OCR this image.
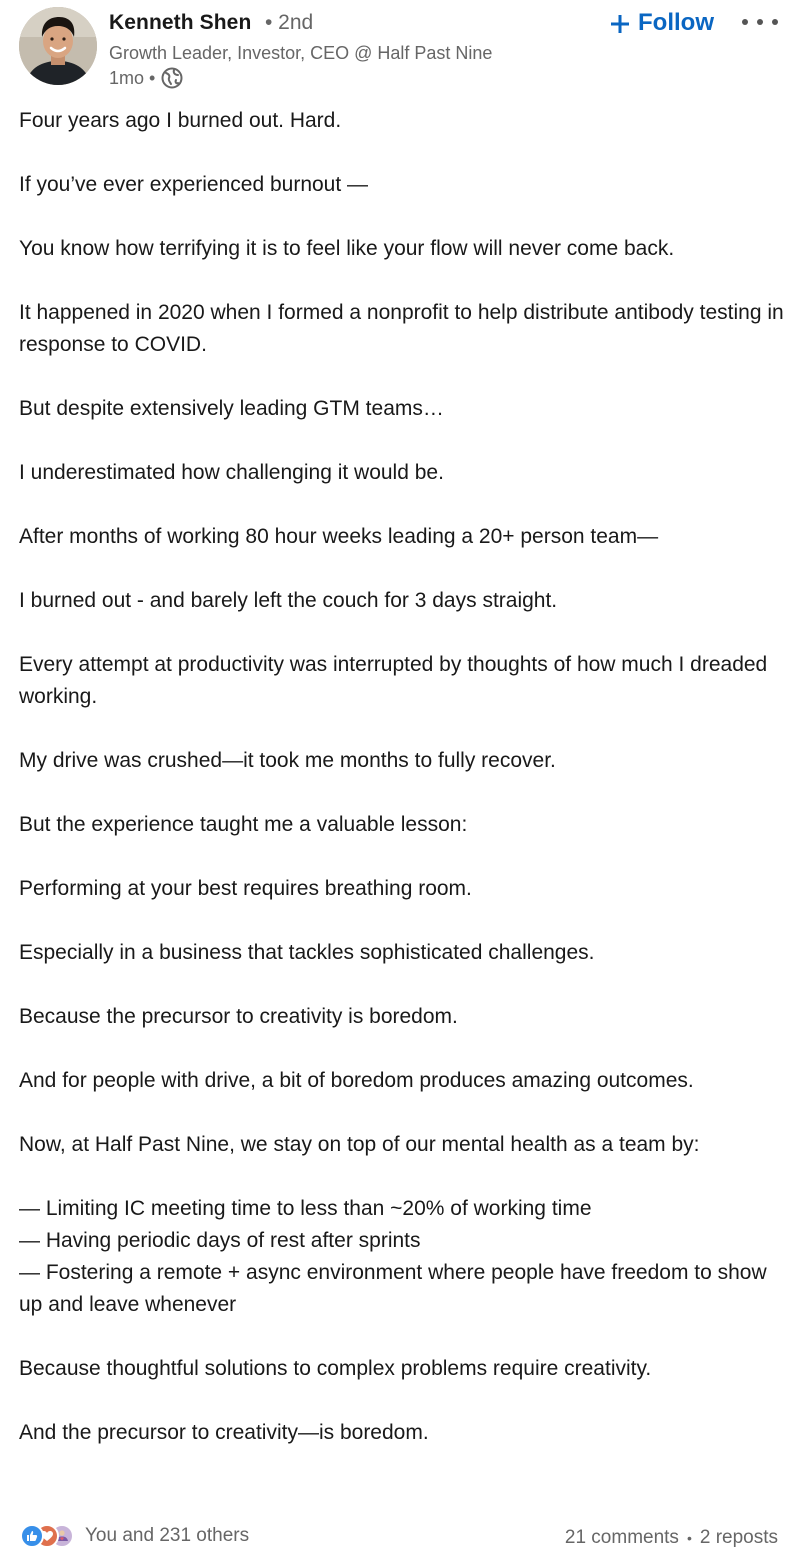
Kenneth Shen • 2nd
Growth Leader, Investor, CEO @ Half Past Nine
1mo •
Follow

Four years ago I burned out. Hard.

If you’ve ever experienced burnout —

You know how terrifying it is to feel like your flow will never come back.

It happened in 2020 when I formed a nonprofit to help distribute antibody testing in response to COVID.

But despite extensively leading GTM teams…

I underestimated how challenging it would be.

After months of working 80 hour weeks leading a 20+ person team—

I burned out - and barely left the couch for 3 days straight.

Every attempt at productivity was interrupted by thoughts of how much I dreaded working.

My drive was crushed—it took me months to fully recover.

But the experience taught me a valuable lesson:

Performing at your best requires breathing room.

Especially in a business that tackles sophisticated challenges.

Because the precursor to creativity is boredom.

And for people with drive, a bit of boredom produces amazing outcomes.

Now, at Half Past Nine, we stay on top of our mental health as a team by:

— Limiting IC meeting time to less than ~20% of working time

— Having periodic days of rest after sprints

— Fostering a remote + async environment where people have freedom to show up and leave whenever

Because thoughtful solutions to complex problems require creativity.

And the precursor to creativity—is boredom.

You and 231 others	21 comments • 2 reposts
